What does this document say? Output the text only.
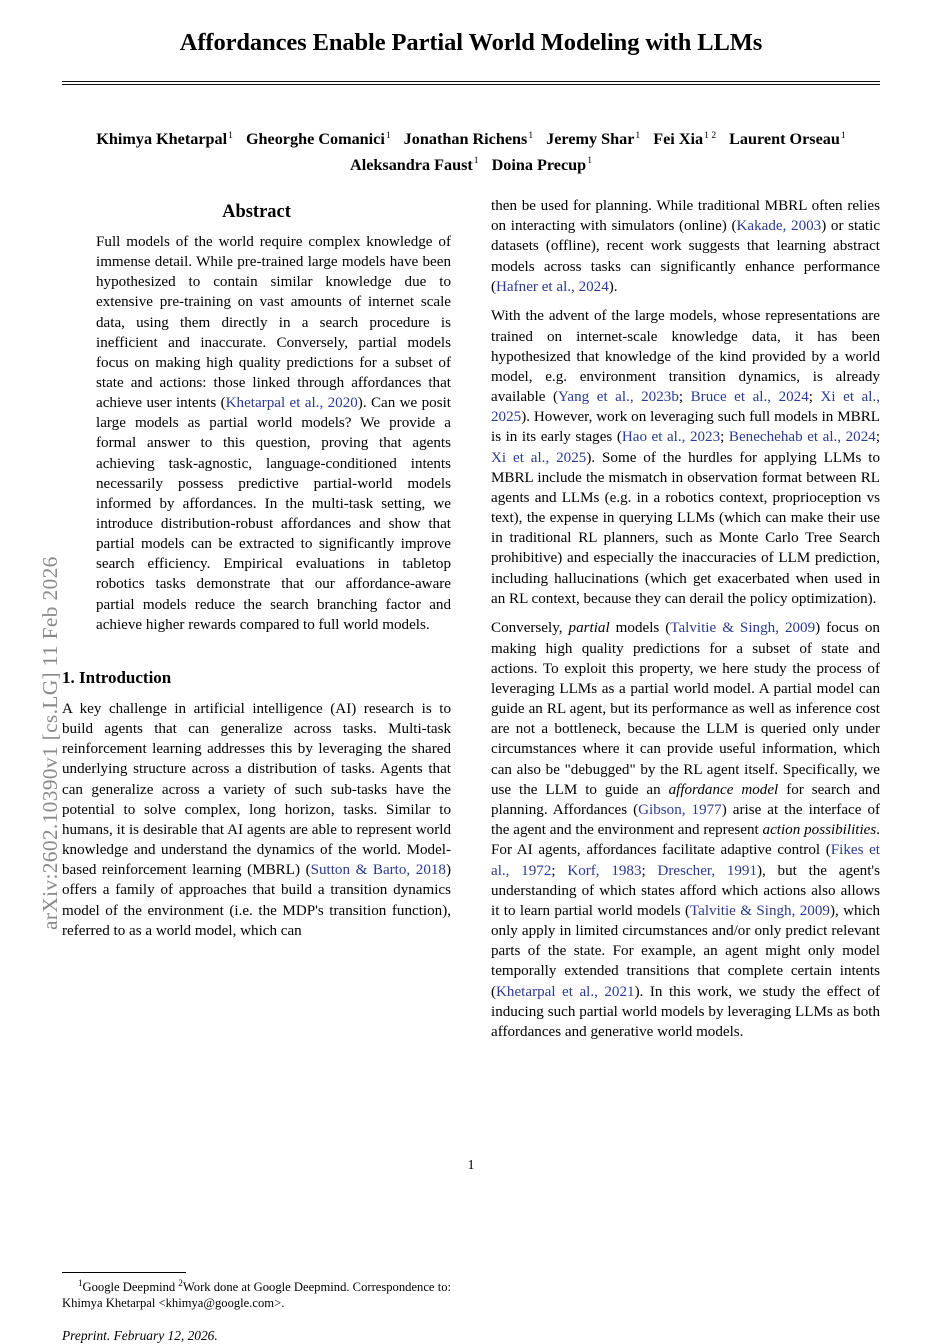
arXiv:2602.10390v1 [cs.LG] 11 Feb 2026
Affordances Enable Partial World Modeling with LLMs
Khimya Khetarpal$^1$ Gheorghe Comanici$^1$ Jonathan Richens$^1$ Jeremy Shar$^1$ Fei Xia$^{1 2}$ Laurent Orseau$^1$
Aleksandra Faust$^1$ Doina Precup$^1$
Abstract
Full models of the world require complex knowledge of immense detail. While pre-trained large models have been hypothesized to contain similar knowledge due to extensive pre-training on vast amounts of internet scale data, using them directly in a search procedure is inefficient and inaccurate. Conversely, partial models focus on making high quality predictions for a subset of state and actions: those linked through affordances that achieve user intents (Khetarpal et al., 2020). Can we posit large models as partial world models? We provide a formal answer to this question, proving that agents achieving task-agnostic, language-conditioned intents necessarily possess predictive partial-world models informed by affordances. In the multi-task setting, we introduce distribution-robust affordances and show that partial models can be extracted to significantly improve search efficiency. Empirical evaluations in tabletop robotics tasks demonstrate that our affordance-aware partial models reduce the search branching factor and achieve higher rewards compared to full world models.
1. Introduction

A key challenge in artificial intelligence (AI) research is to build agents that can generalize across tasks. Multi-task reinforcement learning addresses this by leveraging the shared underlying structure across a distribution of tasks. Agents that can generalize across a variety of such sub-tasks have the potential to solve complex, long horizon, tasks. Similar to humans, it is desirable that AI agents are able to represent world knowledge and understand the dynamics of the world. Model-based reinforcement learning (MBRL) (Sutton & Barto, 2018) offers a family of approaches that build a transition dynamics model of the environment (i.e. the MDP's transition function), referred to as a world model, which can

$^1$Google Deepmind $^2$Work done at Google Deepmind. Correspondence to: Khimya Khetarpal <khimya@google.com>.

Preprint. February 12, 2026.

then be used for planning. While traditional MBRL often relies on interacting with simulators (online) (Kakade, 2003) or static datasets (offline), recent work suggests that learning abstract models across tasks can significantly enhance performance (Hafner et al., 2024).

With the advent of the large models, whose representations are trained on internet-scale knowledge data, it has been hypothesized that knowledge of the kind provided by a world model, e.g. environment transition dynamics, is already available (Yang et al., 2023b; Bruce et al., 2024; Xi et al., 2025). However, work on leveraging such full models in MBRL is in its early stages (Hao et al., 2023; Benechehab et al., 2024; Xi et al., 2025). Some of the hurdles for applying LLMs to MBRL include the mismatch in observation format between RL agents and LLMs (e.g. in a robotics context, proprioception vs text), the expense in querying LLMs (which can make their use in traditional RL planners, such as Monte Carlo Tree Search prohibitive) and especially the inaccuracies of LLM prediction, including hallucinations (which get exacerbated when used in an RL context, because they can derail the policy optimization).

Conversely, partial models (Talvitie & Singh, 2009) focus on making high quality predictions for a subset of state and actions. To exploit this property, we here study the process of leveraging LLMs as a partial world model. A partial model can guide an RL agent, but its performance as well as inference cost are not a bottleneck, because the LLM is queried only under circumstances where it can provide useful information, which can also be "debugged" by the RL agent itself. Specifically, we use the LLM to guide an affordance model for search and planning. Affordances (Gibson, 1977) arise at the interface of the agent and the environment and represent action possibilities. For AI agents, affordances facilitate adaptive control (Fikes et al., 1972; Korf, 1983; Drescher, 1991), but the agent's understanding of which states afford which actions also allows it to learn partial world models (Talvitie & Singh, 2009), which only apply in limited circumstances and/or only predict relevant parts of the state. For example, an agent might only model temporally extended transitions that complete certain intents (Khetarpal et al., 2021). In this work, we study the effect of inducing such partial world models by leveraging LLMs as both affordances and generative world models.

1
